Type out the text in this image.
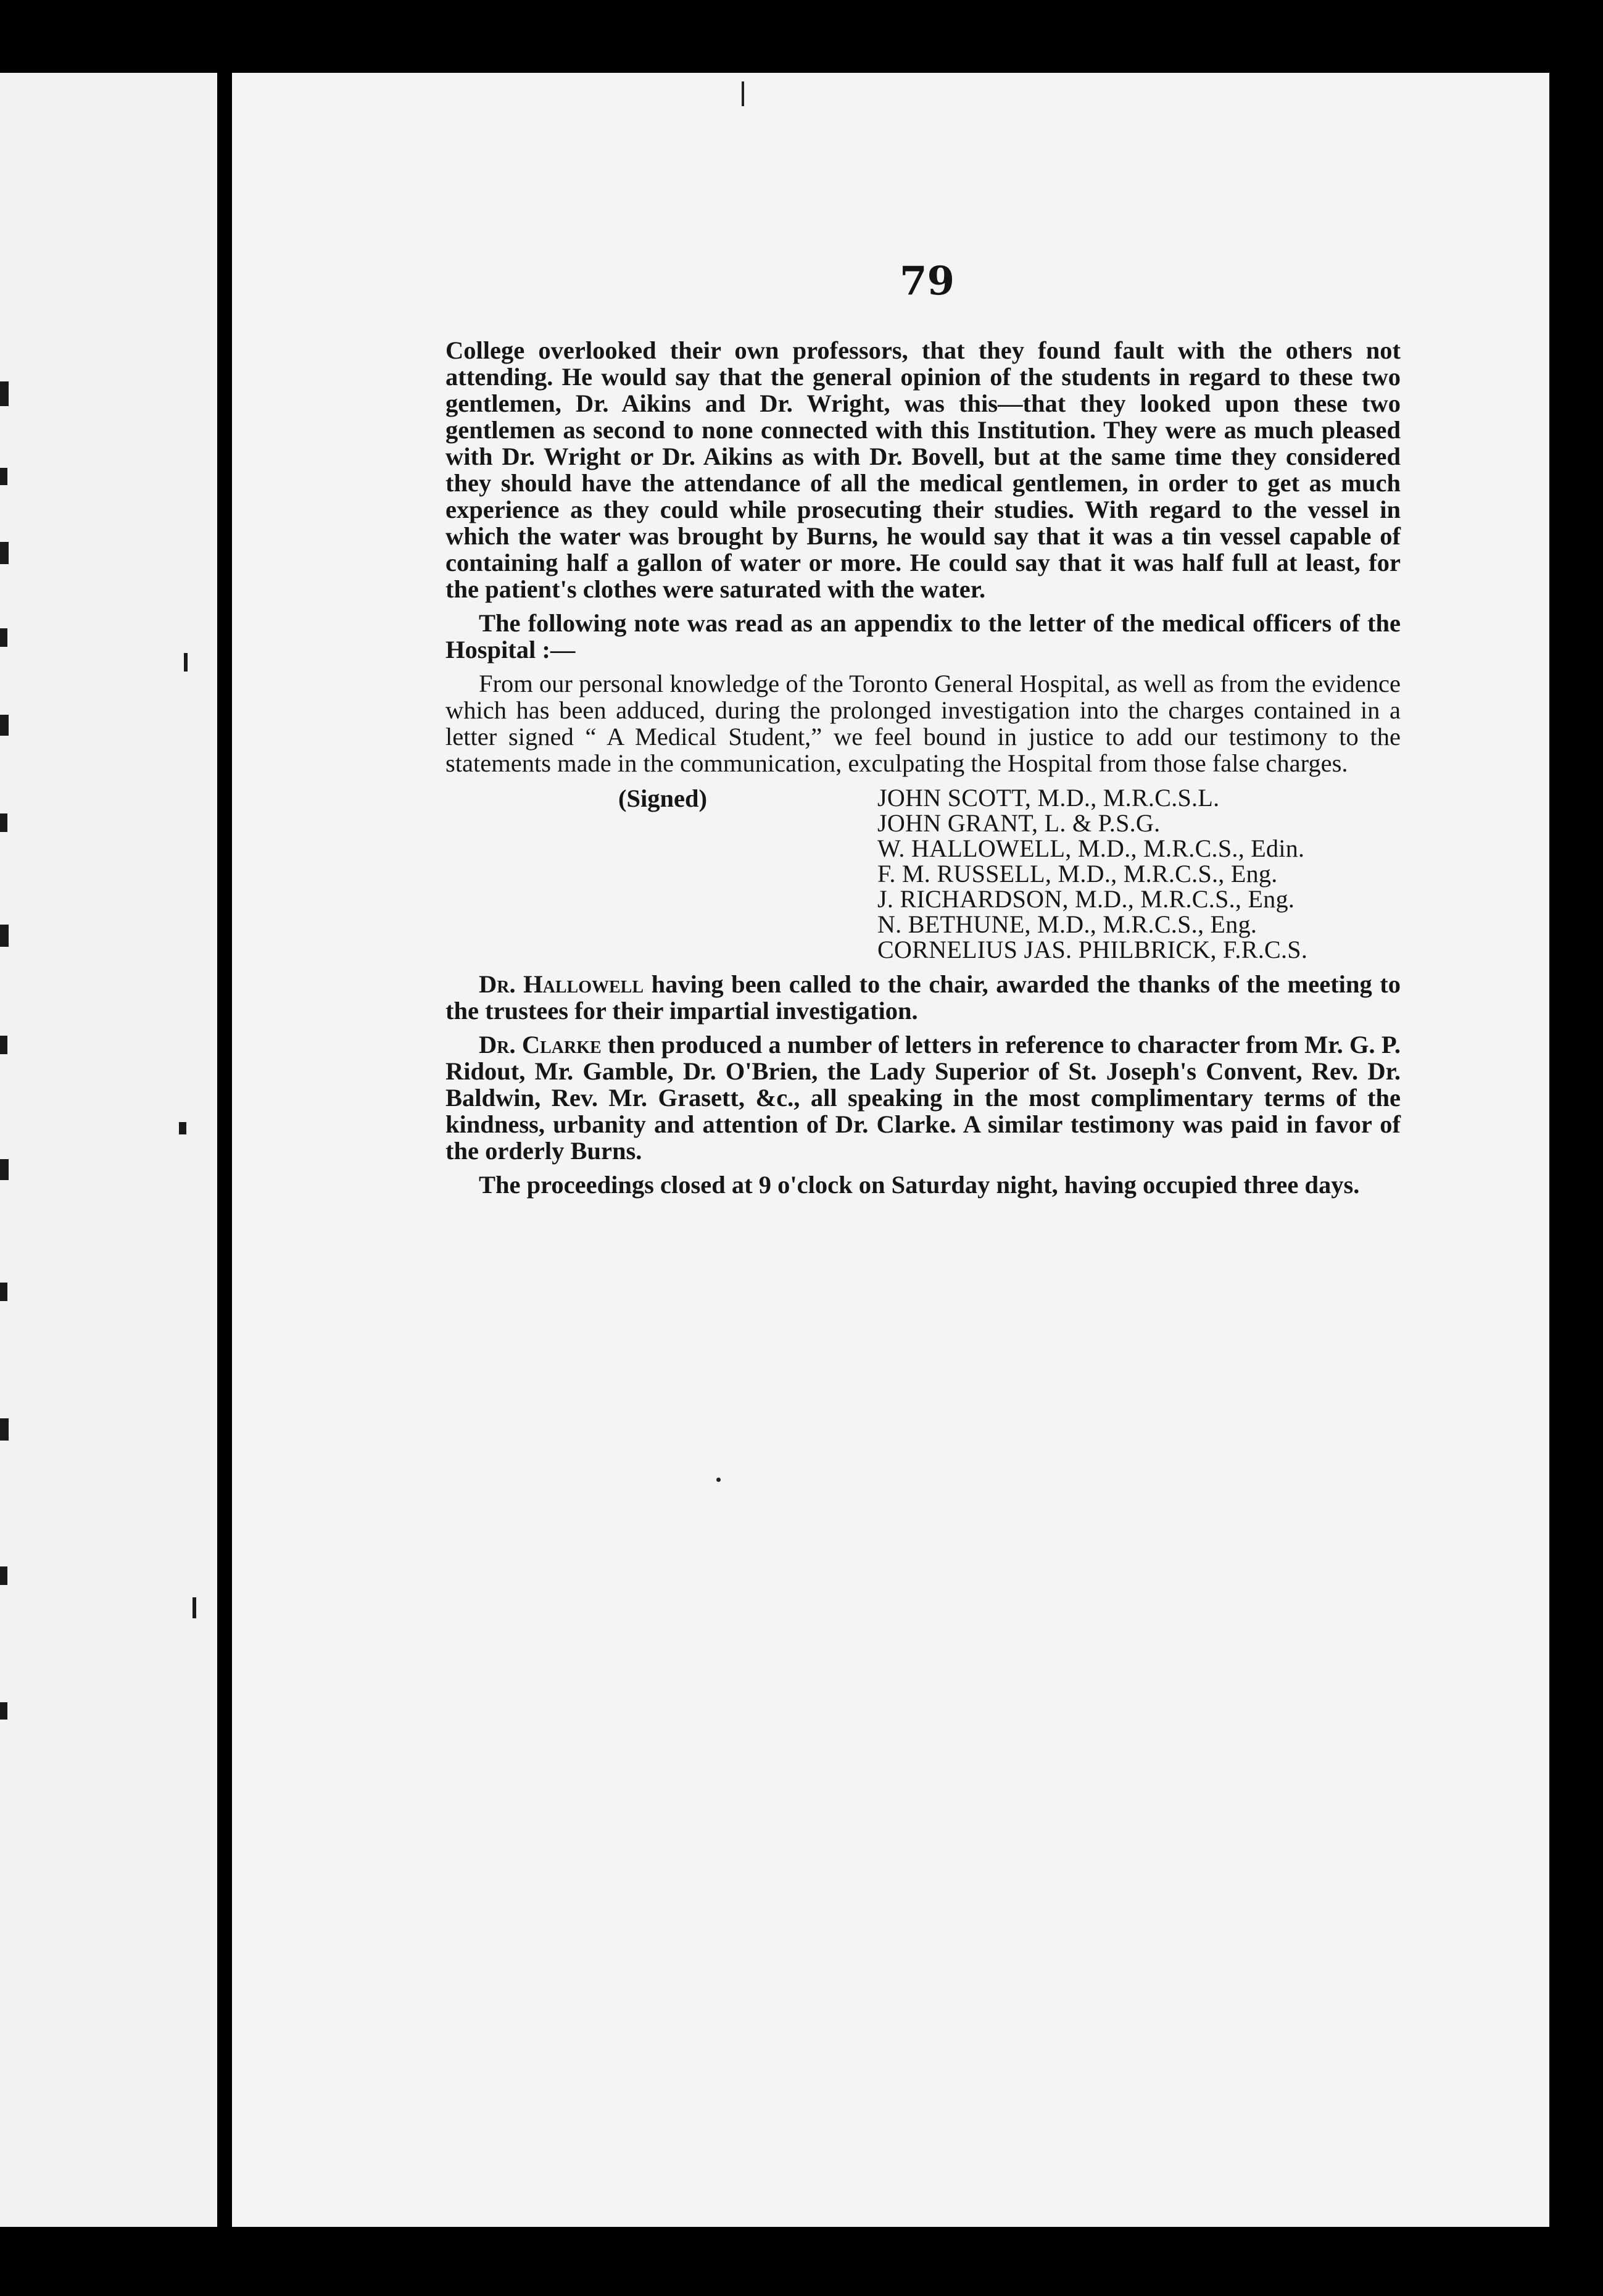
79

College overlooked their own professors, that they found fault with the others not attending. He would say that the general opinion of the students in regard to these two gentlemen, Dr. Aikins and Dr. Wright, was this—that they looked upon these two gentlemen as second to none connected with this Institution. They were as much pleased with Dr. Wright or Dr. Aikins as with Dr. Bovell, but at the same time they considered they should have the attendance of all the medical gentlemen, in order to get as much experience as they could while prosecuting their studies. With regard to the vessel in which the water was brought by Burns, he would say that it was a tin vessel capable of containing half a gallon of water or more. He could say that it was half full at least, for the patient's clothes were saturated with the water.

The following note was read as an appendix to the letter of the medical officers of the Hospital :—

From our personal knowledge of the Toronto General Hospital, as well as from the evidence which has been adduced, during the prolonged investigation into the charges contained in a letter signed “ A Medical Student,” we feel bound in justice to add our testimony to the statements made in the communication, exculpating the Hospital from those false charges.

(Signed)	JOHN SCOTT, M.D., M.R.C.S.L.
JOHN GRANT, L. & P.S.G.
W. HALLOWELL, M.D., M.R.C.S., Edin.
F. M. RUSSELL, M.D., M.R.C.S., Eng.
J. RICHARDSON, M.D., M.R.C.S., Eng.
N. BETHUNE, M.D., M.R.C.S., Eng.
CORNELIUS JAS. PHILBRICK, F.R.C.S.

Dr. Hallowell having been called to the chair, awarded the thanks of the meeting to the trustees for their impartial investigation.

Dr. Clarke then produced a number of letters in reference to character from Mr. G. P. Ridout, Mr. Gamble, Dr. O'Brien, the Lady Superior of St. Joseph's Convent, Rev. Dr. Baldwin, Rev. Mr. Grasett, &c., all speaking in the most complimentary terms of the kindness, urbanity and attention of Dr. Clarke. A similar testimony was paid in favor of the orderly Burns.

The proceedings closed at 9 o'clock on Saturday night, having occupied three days.
